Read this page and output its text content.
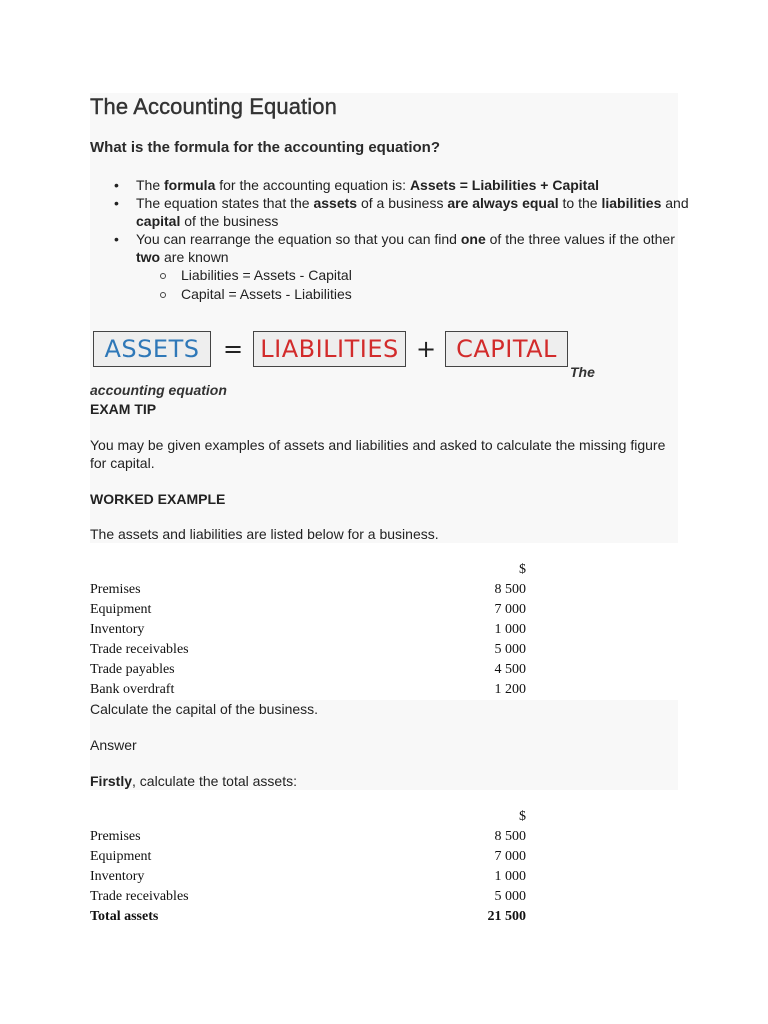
The Accounting Equation
What is the formula for the accounting equation?
• The formula for the accounting equation is: Assets = Liabilities + Capital
• The equation states that the assets of a business are always equal to the liabilities and capital of the business
• You can rearrange the equation so that you can find one of the three values if the other two are known
Liabilities = Assets - Capital
Capital = Assets - Liabilities
ASSETS = LIABILITIES + CAPITAL
The
accounting equation
EXAM TIP
You may be given examples of assets and liabilities and asked to calculate the missing figure for capital.
WORKED EXAMPLE
The assets and liabilities are listed below for a business.
	$
Premises	8 500
Equipment	7 000
Inventory	1 000
Trade receivables	5 000
Trade payables	4 500
Bank overdraft	1 200
Calculate the capital of the business.
Answer
Firstly, calculate the total assets:
	$
Premises	8 500
Equipment	7 000
Inventory	1 000
Trade receivables	5 000
Total assets	21 500
